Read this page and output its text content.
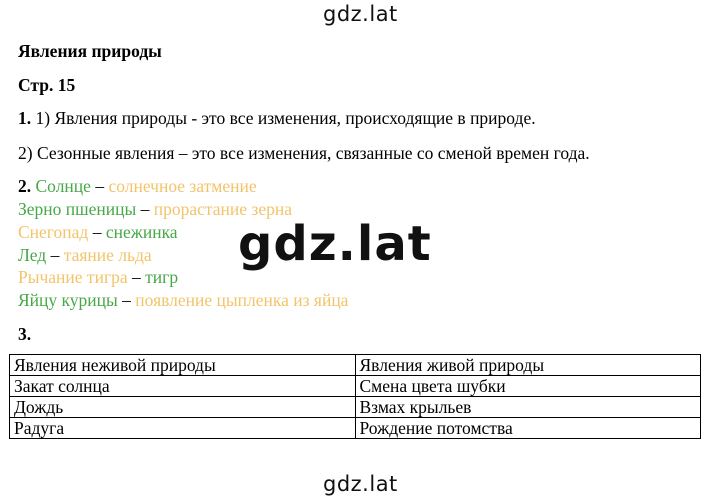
gdz.lat
Явления природы
Стр. 15
1. 1) Явления природы - это все изменения, происходящие в природе.
2) Сезонные явления – это все изменения, связанные со сменой времен года.
2. Солнце – солнечное затмение
Зерно пшеницы – прорастание зерна
Снегопад – снежинка
Лед – таяние льда
Рычание тигра – тигр
Яйцу курицы – появление цыпленка из яйца
gdz.lat
3.
Явления неживой природы	Явления живой природы
Закат солнца	Смена цвета шубки
Дождь	Взмах крыльев
Радуга	Рождение потомства
gdz.lat
